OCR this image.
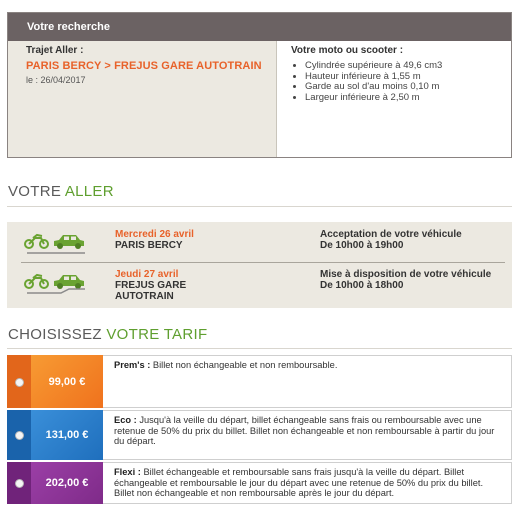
Votre recherche
Trajet Aller :
PARIS BERCY > FREJUS GARE AUTOTRAIN
le : 26/04/2017
Votre moto ou scooter :
• Cylindrée supérieure à 49,6 cm3
• Hauteur inférieure à 1,55 m
• Garde au sol d'au moins 0,10 m
• Largeur inférieure à 2,50 m
VOTRE ALLER
Mercredi 26 avril
PARIS BERCY
Acceptation de votre véhicule
De 10h00 à 19h00
Jeudi 27 avril
FREJUS GARE AUTOTRAIN
Mise à disposition de votre véhicule
De 10h00 à 18h00
CHOISISSEZ VOTRE TARIF
99,00 €
Prem's : Billet non échangeable et non remboursable.
131,00 €
Eco : Jusqu'à la veille du départ, billet échangeable sans frais ou remboursable avec une retenue de 50% du prix du billet. Billet non échangeable et non remboursable à partir du jour du départ.
202,00 €
Flexi : Billet échangeable et remboursable sans frais jusqu'à la veille du départ. Billet échangeable et remboursable le jour du départ avec une retenue de 50% du prix du billet. Billet non échangeable et non remboursable après le jour du départ.
